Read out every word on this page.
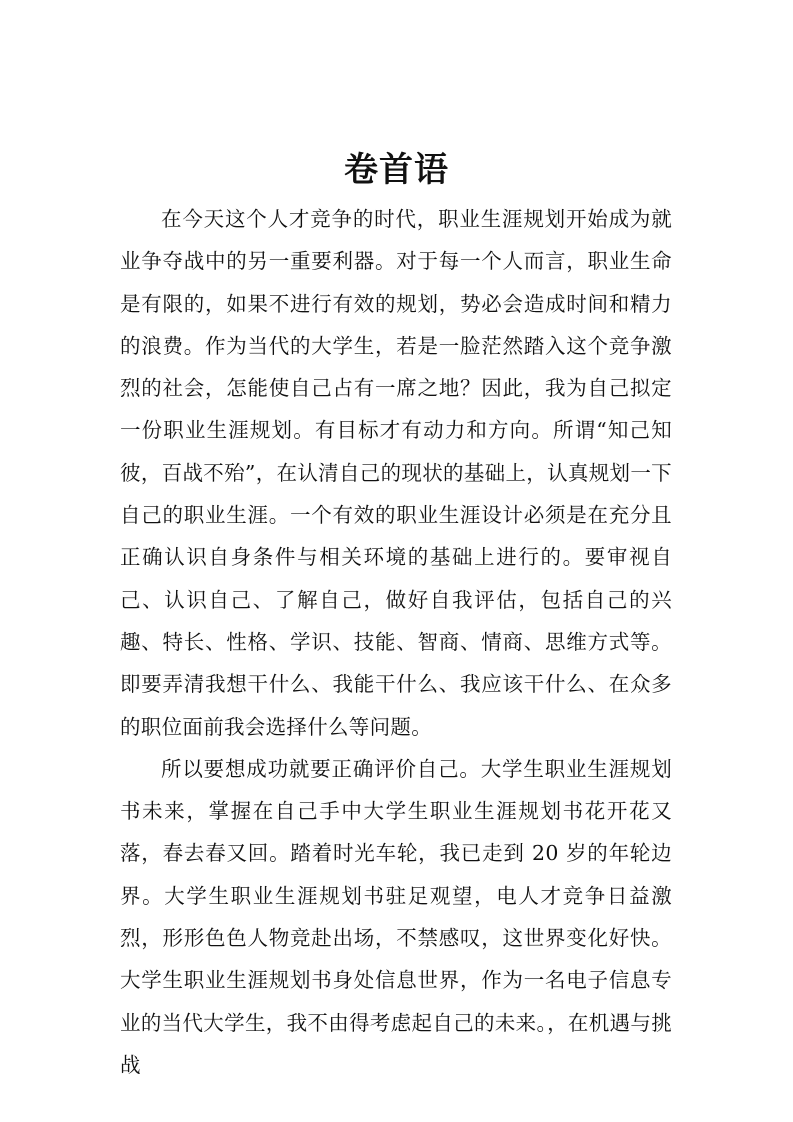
卷首语

在今天这个人才竞争的时代，职业生涯规划开始成为就业争夺战中的另一重要利器。对于每一个人而言，职业生命是有限的，如果不进行有效的规划，势必会造成时间和精力的浪费。作为当代的大学生，若是一脸茫然踏入这个竞争激烈的社会，怎能使自己占有一席之地？因此，我为自己拟定一份职业生涯规划。有目标才有动力和方向。所谓“知己知彼，百战不殆”，在认清自己的现状的基础上，认真规划一下自己的职业生涯。一个有效的职业生涯设计必须是在充分且正确认识自身条件与相关环境的基础上进行的。要审视自己、认识自己、了解自己，做好自我评估，包括自己的兴趣、特长、性格、学识、技能、智商、情商、思维方式等。即要弄清我想干什么、我能干什么、我应该干什么、在众多的职位面前我会选择什么等问题。

所以要想成功就要正确评价自己。大学生职业生涯规划书未来，掌握在自己手中大学生职业生涯规划书花开花又落，春去春又回。踏着时光车轮，我已走到 20 岁的年轮边界。大学生职业生涯规划书驻足观望，电人才竞争日益激烈，形形色色人物竞赴出场，不禁感叹，这世界变化好快。大学生职业生涯规划书身处信息世界，作为一名电子信息专业的当代大学生，我不由得考虑起自己的未来。，在机遇与挑战
